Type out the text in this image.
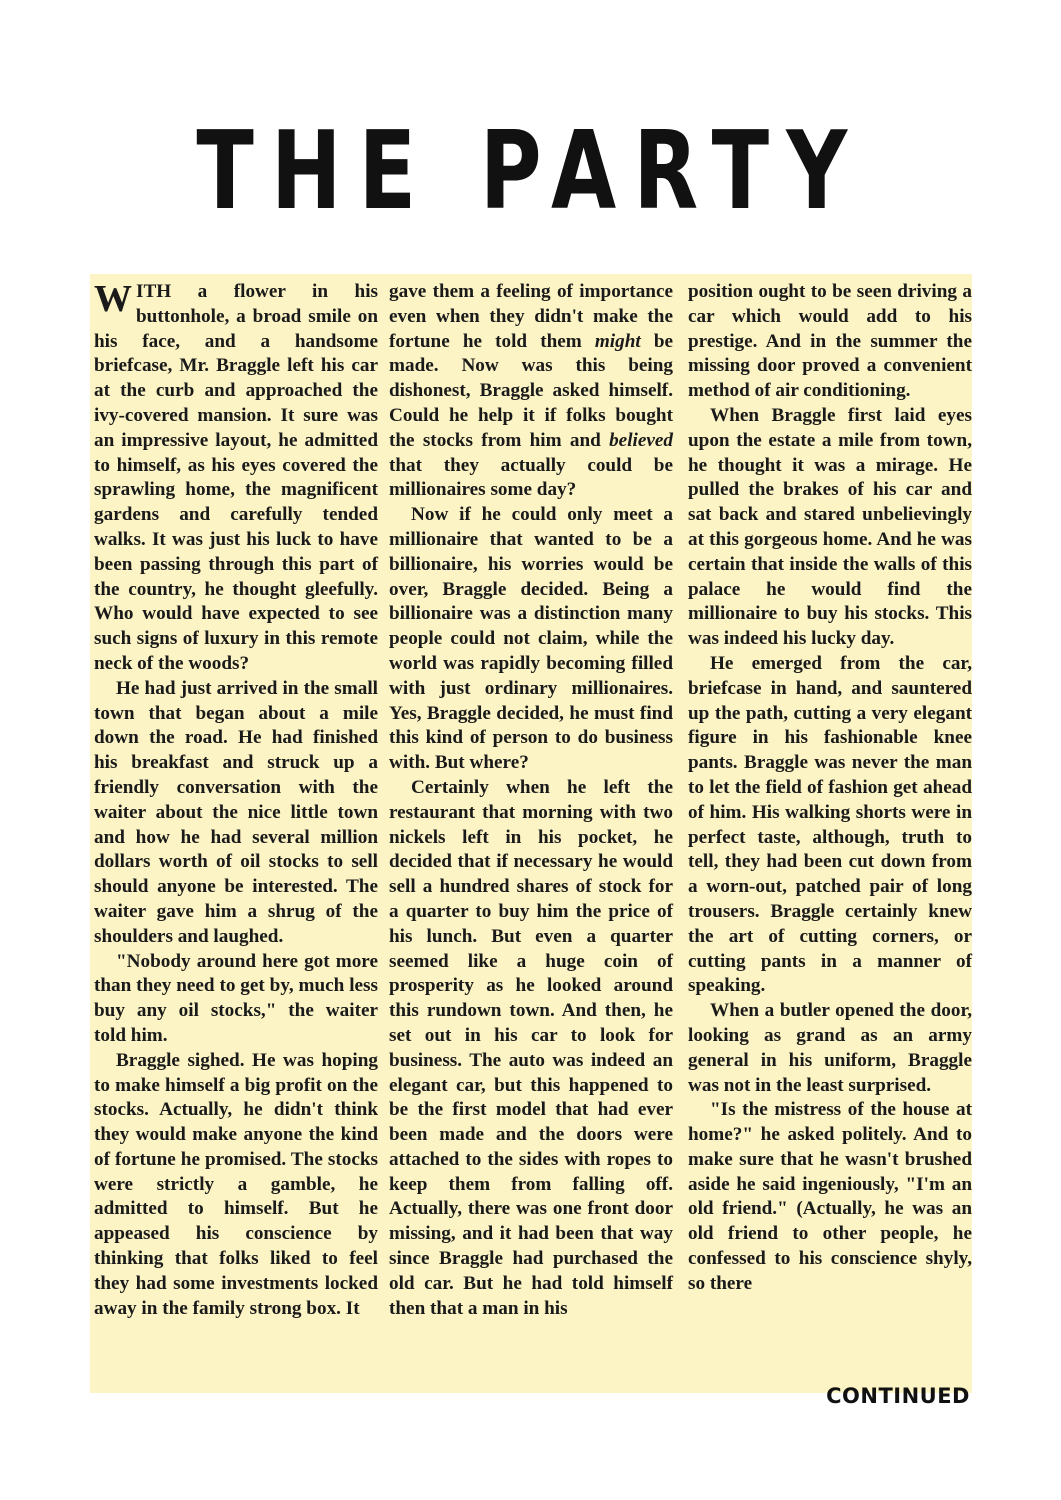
THE PARTY

WITH a flower in his buttonhole, a broad smile on his face, and a handsome briefcase, Mr. Braggle left his car at the curb and approached the ivy-covered mansion. It sure was an impressive layout, he admitted to himself, as his eyes covered the sprawling home, the magnificent gardens and carefully tended walks. It was just his luck to have been passing through this part of the country, he thought gleefully. Who would have expected to see such signs of luxury in this remote neck of the woods?

He had just arrived in the small town that began about a mile down the road. He had finished his breakfast and struck up a friendly conversation with the waiter about the nice little town and how he had several million dollars worth of oil stocks to sell should anyone be interested. The waiter gave him a shrug of the shoulders and laughed.

"Nobody around here got more than they need to get by, much less buy any oil stocks," the waiter told him.

Braggle sighed. He was hoping to make himself a big profit on the stocks. Actually, he didn't think they would make anyone the kind of fortune he promised. The stocks were strictly a gamble, he admitted to himself. But he appeased his conscience by thinking that folks liked to feel they had some investments locked away in the family strong box. It

gave them a feeling of importance even when they didn't make the fortune he told them might be made. Now was this being dishonest, Braggle asked himself. Could he help it if folks bought the stocks from him and believed that they actually could be millionaires some day?

Now if he could only meet a millionaire that wanted to be a billionaire, his worries would be over, Braggle decided. Being a billionaire was a distinction many people could not claim, while the world was rapidly becoming filled with just ordinary millionaires. Yes, Braggle decided, he must find this kind of person to do business with. But where?

Certainly when he left the restaurant that morning with two nickels left in his pocket, he decided that if necessary he would sell a hundred shares of stock for a quarter to buy him the price of his lunch. But even a quarter seemed like a huge coin of prosperity as he looked around this rundown town. And then, he set out in his car to look for business. The auto was indeed an elegant car, but this happened to be the first model that had ever been made and the doors were attached to the sides with ropes to keep them from falling off. Actually, there was one front door missing, and it had been that way since Braggle had purchased the old car. But he had told himself then that a man in his

position ought to be seen driving a car which would add to his prestige. And in the summer the missing door proved a convenient method of air conditioning.

When Braggle first laid eyes upon the estate a mile from town, he thought it was a mirage. He pulled the brakes of his car and sat back and stared unbelievingly at this gorgeous home. And he was certain that inside the walls of this palace he would find the millionaire to buy his stocks. This was indeed his lucky day.

He emerged from the car, briefcase in hand, and sauntered up the path, cutting a very elegant figure in his fashionable knee pants. Braggle was never the man to let the field of fashion get ahead of him. His walking shorts were in perfect taste, although, truth to tell, they had been cut down from a worn-out, patched pair of long trousers. Braggle certainly knew the art of cutting corners, or cutting pants in a manner of speaking.

When a butler opened the door, looking as grand as an army general in his uniform, Braggle was not in the least surprised.

"Is the mistress of the house at home?" he asked politely. And to make sure that he wasn't brushed aside he said ingeniously, "I'm an old friend." (Actually, he was an old friend to other people, he confessed to his conscience shyly, so there

CONTINUED
